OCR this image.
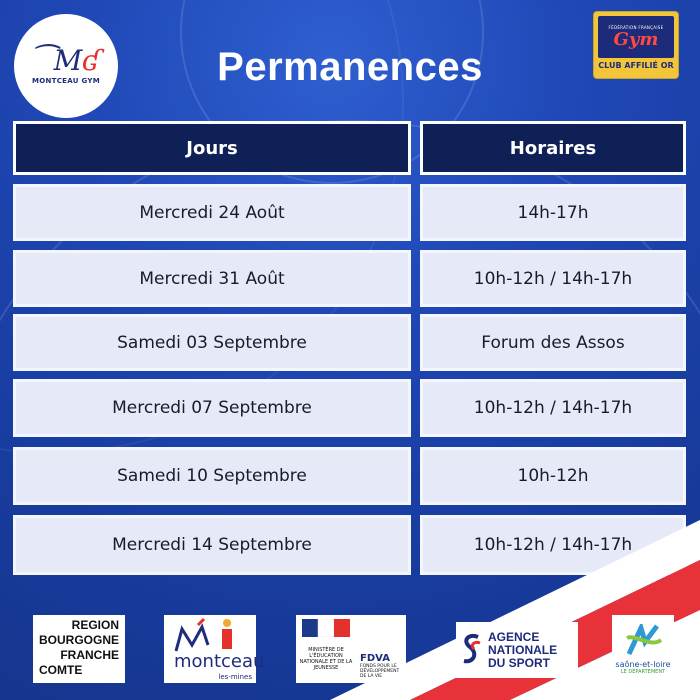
⁀Mʛ
MONTCEAU GYM	Permanences
FÉDÉRATION FRANÇAISE
Gym
CLUB AFFILIÉ OR
Jours	Horaires
Mercredi 24 Août	14h-17h
Mercredi 31 Août	10h-12h / 14h-17h
Samedi 03 Septembre	Forum des Assos
Mercredi 07 Septembre	10h-12h / 14h-17h
Samedi 10 Septembre	10h-12h
Mercredi 14 Septembre	10h-12h / 14h-17h
REGION
BOURGOGNE
FRANCHE
COMTE	montceau
les-mines
MINISTÈRE DE L'ÉDUCATION NATIONALE ET DE LA JEUNESSE
FDVA
FONDS POUR LE DÉVELOPPEMENT DE LA VIE
AGENCE
NATIONALE
DU SPORT	saône-et-loire
LE DÉPARTEMENT
